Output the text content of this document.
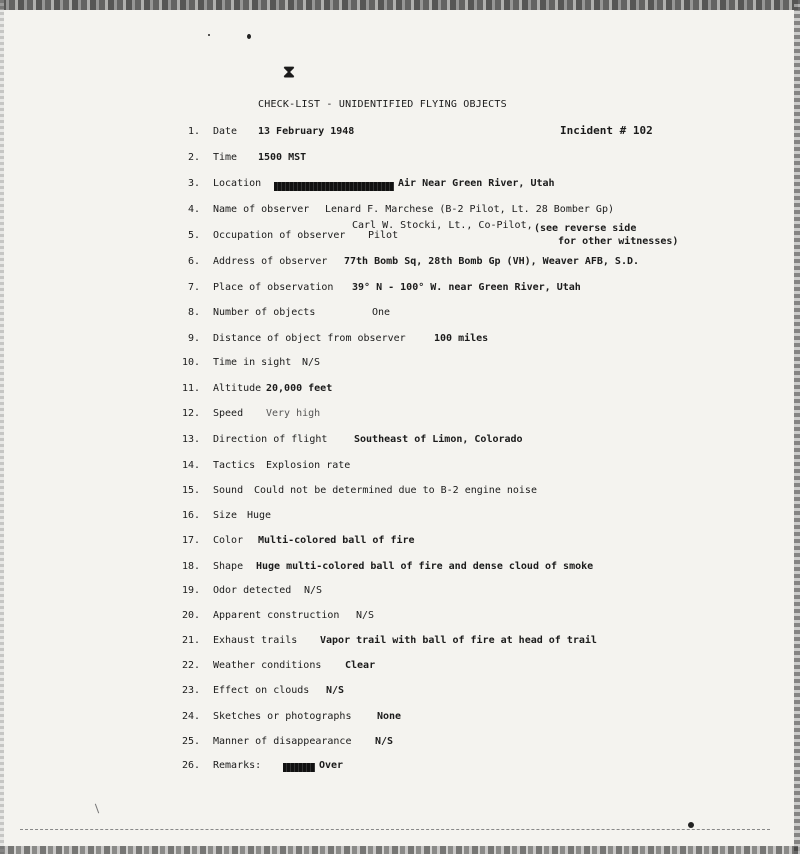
⧗
CHECK-LIST - UNIDENTIFIED FLYING OBJECTS
Incident # 102
1. Date 13 February 1948
2. Time 1500 MST
3. Location	Air Near Green River, Utah
4. Name of observer Lenard F. Marchese (B-2 Pilot, Lt. 28 Bomber Gp)
5. Occupation of observer Pilot
Carl W. Stocki, Lt., Co-Pilot, (see reverse side
for other witnesses)
6. Address of observer 77th Bomb Sq, 28th Bomb Gp (VH), Weaver AFB, S.D.
7. Place of observation 39° N - 100° W. near Green River, Utah
8. Number of objects	One
9. Distance of object from observer	100 miles
10. Time in sight N/S
11. Altitude 20,000 feet
12. Speed Very high
13. Direction of flight	Southeast of Limon, Colorado
14. Tactics Explosion rate
15. Sound Could not be determined due to B-2 engine noise
16. Size Huge
17. Color Multi-colored ball of fire
18. Shape Huge multi-colored ball of fire and dense cloud of smoke
19. Odor detected N/S
20. Apparent construction N/S
21. Exhaust trails Vapor trail with ball of fire at head of trail
22. Weather conditions Clear
23. Effect on clouds N/S
24. Sketches or photographs	None
25. Manner of disappearance N/S
26. Remarks:	Over
